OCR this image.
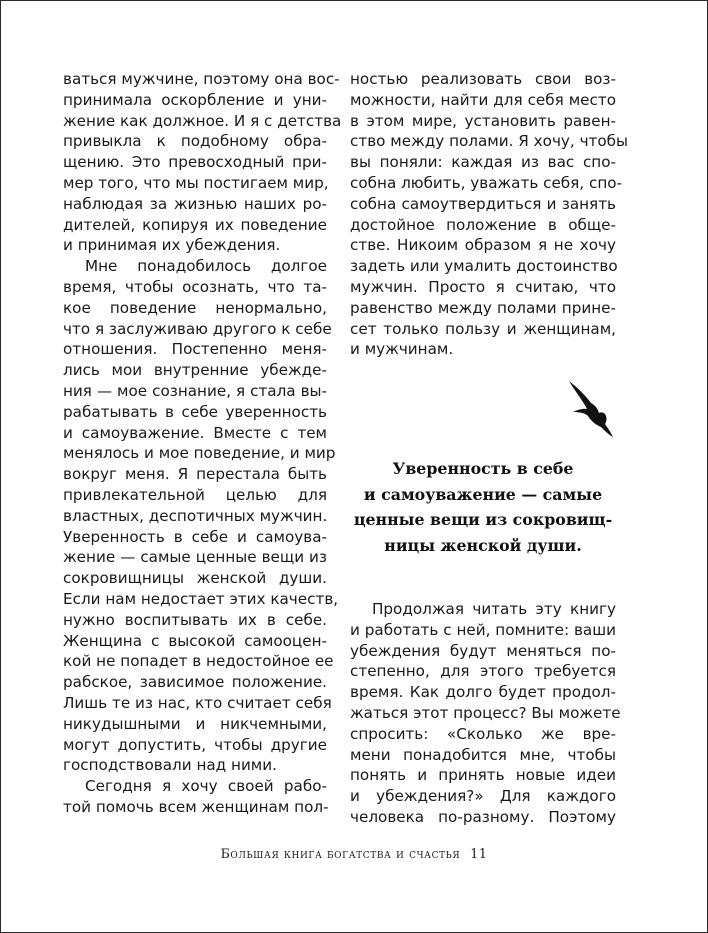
ваться мужчине, поэтому она вос-
принимала оскорбление и уни-
жение как должное. И я с детства
привыкла к подобному обра-
щению. Это превосходный при-
мер того, что мы постигаем мир,
наблюдая за жизнью наших ро-
дителей, копируя их поведение
и принимая их убеждения.
Мне понадобилось долгое
время, чтобы осознать, что та-
кое поведение ненормально,
что я заслуживаю другого к себе
отношения. Постепенно меня-
лись мои внутренние убежде-
ния — мое сознание, я стала вы-
рабатывать в себе уверенность
и самоуважение. Вместе с тем
менялось и мое поведение, и мир
вокруг меня. Я перестала быть
привлекательной целью для
властных, деспотичных мужчин.
Уверенность в себе и самоува-
жение — самые ценные вещи из
сокровищницы женской души.
Если нам недостает этих качеств,
нужно воспитывать их в себе.
Женщина с высокой самооцен-
кой не попадет в недостойное ее
рабское, зависимое положение.
Лишь те из нас, кто считает себя
никудышными и никчемными,
могут допустить, чтобы другие
господствовали над ними.
Сегодня я хочу своей рабо-
той помочь всем женщинам пол-
ностью реализовать свои воз-
можности, найти для себя место
в этом мире, установить равен-
ство между полами. Я хочу, чтобы
вы поняли: каждая из вас спо-
собна любить, уважать себя, спо-
собна самоутвердиться и занять
достойное положение в обще-
стве. Никоим образом я не хочу
задеть или умалить достоинство
мужчин. Просто я считаю, что
равенство между полами прине-
сет только пользу и женщинам,
и мужчинам.
Уверенность в себе
и самоуважение — самые
ценные вещи из сокровищ-
ницы женской души.
Продолжая читать эту книгу
и работать с ней, помните: ваши
убеждения будут меняться по-
степенно, для этого требуется
время. Как долго будет продол-
жаться этот процесс? Вы можете
спросить: «Сколько же вре-
мени понадобится мне, чтобы
понять и принять новые идеи
и убеждения?» Для каждого
человека по-разному. Поэтому
Большая книга богатства и счастья 11
